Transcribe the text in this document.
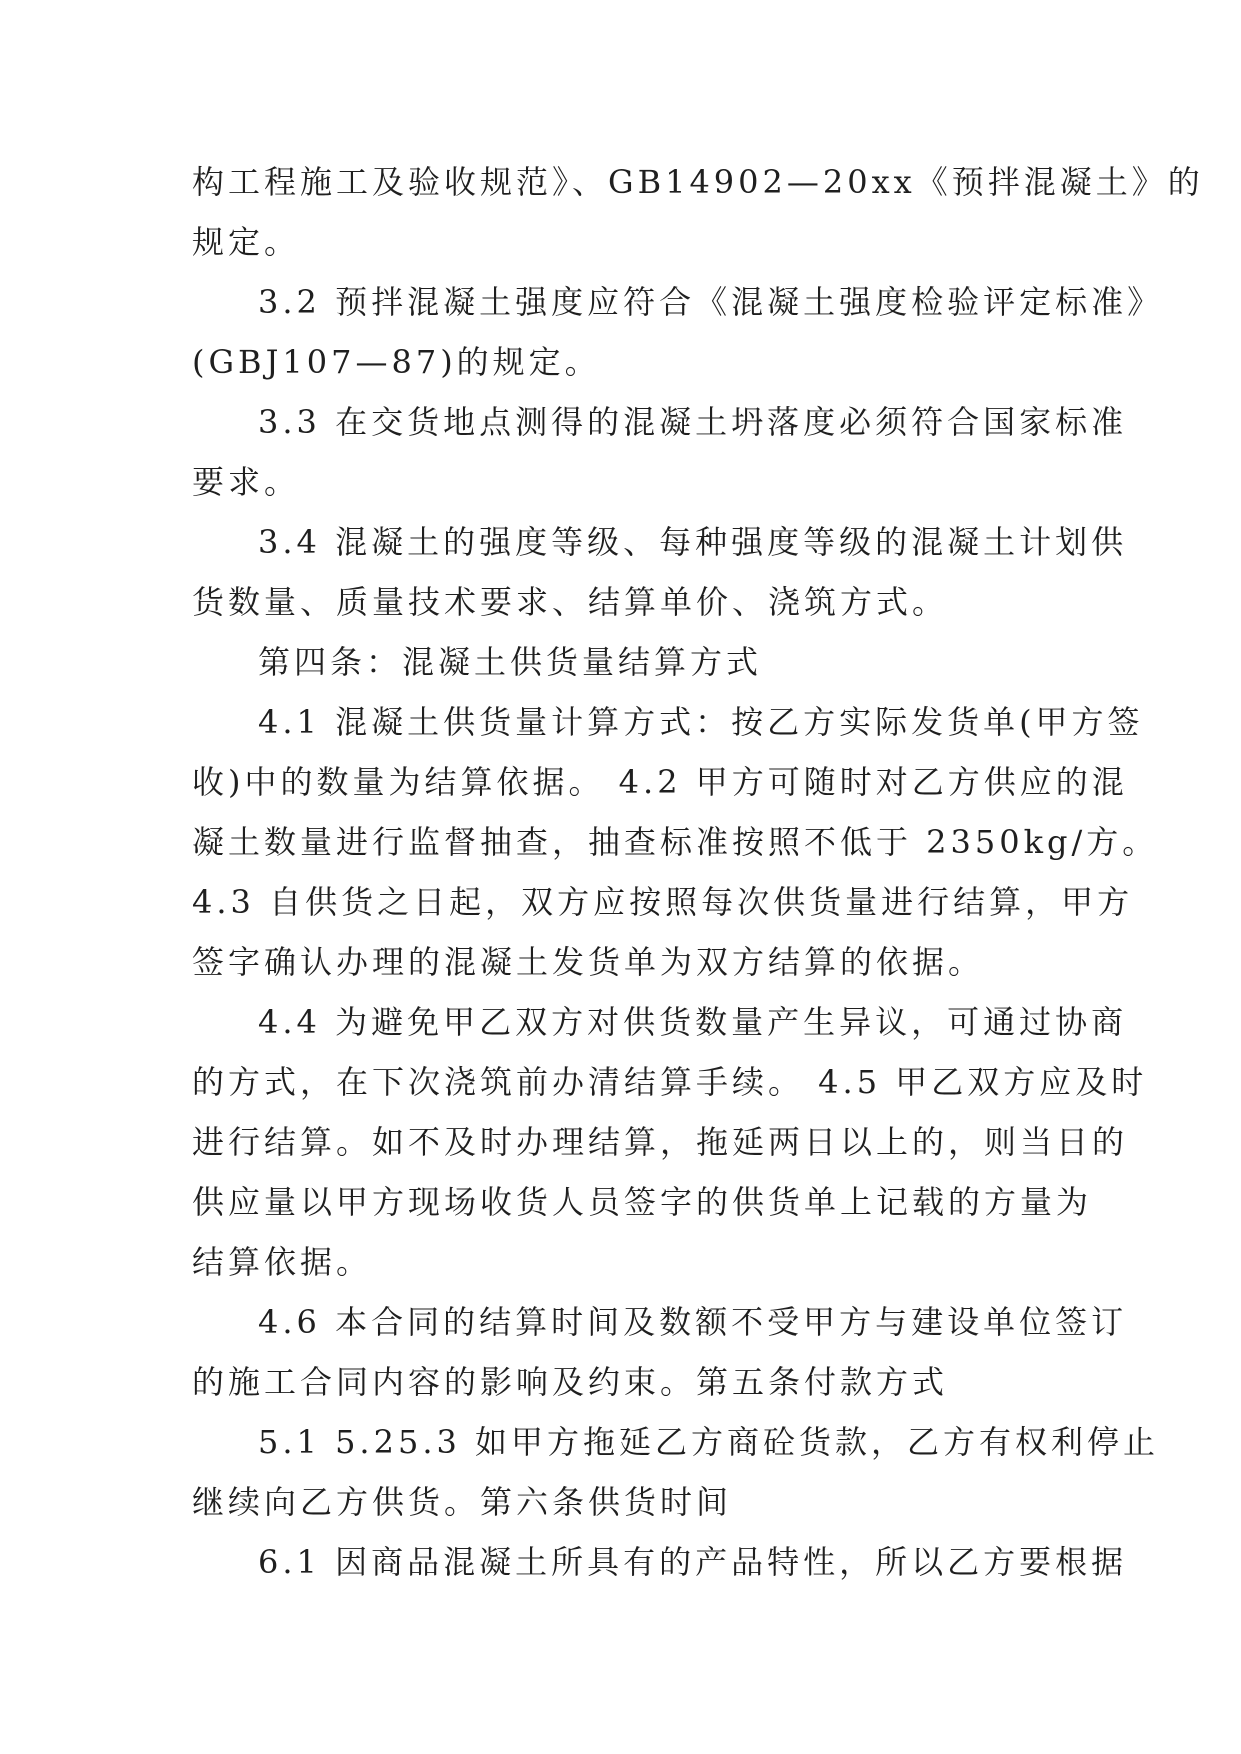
构工程施工及验收规范》、GB14902—20xx《预拌混凝土》的
规定。
3.2 预拌混凝土强度应符合《混凝土强度检验评定标准》
(GBJ107—87)的规定。
3.3 在交货地点测得的混凝土坍落度必须符合国家标准
要求。
3.4 混凝土的强度等级、每种强度等级的混凝土计划供
货数量、质量技术要求、结算单价、浇筑方式。
第四条：混凝土供货量结算方式
4.1 混凝土供货量计算方式：按乙方实际发货单(甲方签
收)中的数量为结算依据。 4.2 甲方可随时对乙方供应的混
凝土数量进行监督抽查，抽查标准按照不低于 2350kg/方。
4.3 自供货之日起，双方应按照每次供货量进行结算，甲方
签字确认办理的混凝土发货单为双方结算的依据。
4.4 为避免甲乙双方对供货数量产生异议，可通过协商
的方式，在下次浇筑前办清结算手续。 4.5 甲乙双方应及时
进行结算。如不及时办理结算，拖延两日以上的，则当日的
供应量以甲方现场收货人员签字的供货单上记载的方量为
结算依据。
4.6 本合同的结算时间及数额不受甲方与建设单位签订
的施工合同内容的影响及约束。第五条付款方式
5.1 5.25.3 如甲方拖延乙方商砼货款，乙方有权利停止
继续向乙方供货。第六条供货时间
6.1 因商品混凝土所具有的产品特性，所以乙方要根据
